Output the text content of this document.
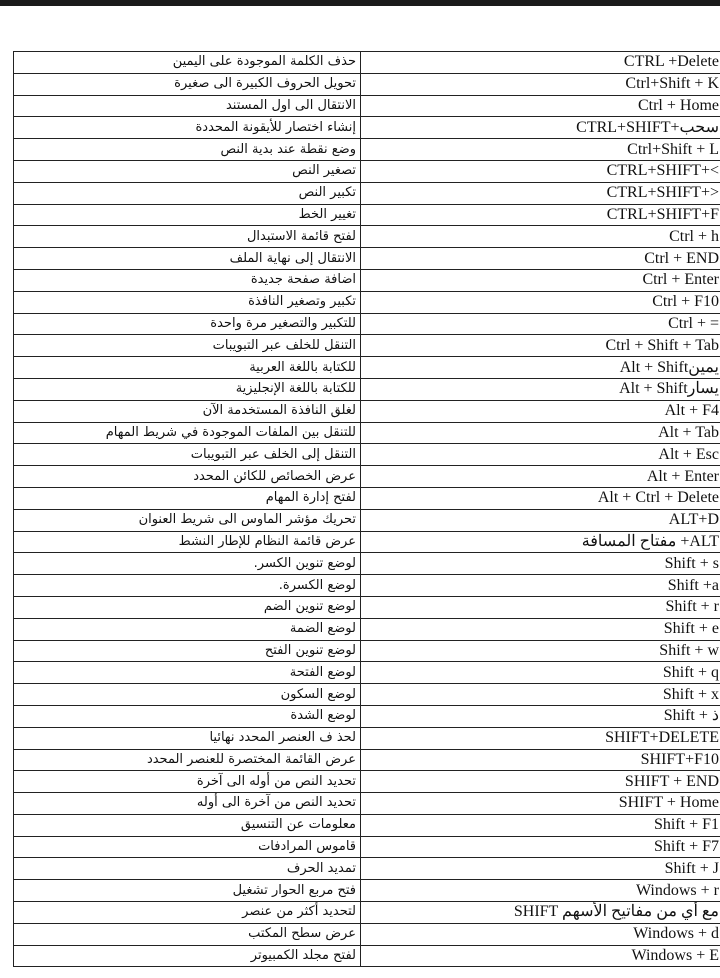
حذف الكلمة الموجودة على اليمين	CTRL +Delete
تحويل الحروف الكبيرة الى صغيرة	Ctrl+Shift + K
الانتقال الى اول المستند	Ctrl + Home
إنشاء اختصار للأيقونة المحددة	CTRL+SHIFT+سحب
وضع نقطة عند بدية النص	Ctrl+Shift + L
تصغير النص	CTRL+SHIFT+<
تكبير النص	CTRL+SHIFT+>
تغيير الخط	CTRL+SHIFT+F
لفتح قائمة الاستبدال	Ctrl + h
الانتقال إلى نهاية الملف	Ctrl + END
اضافة صفحة جديدة	Ctrl + Enter
تكبير وتصغير النافذة	Ctrl + F10
للتكبير والتصغير مرة واحدة	Ctrl + =
التنقل للخلف عبر التبويبات	Ctrl + Shift + Tab
للكتابة باللغة العربية	Alt + Shiftيمين
للكتابة باللغة الإنجليزية	Alt + Shiftيسار
لغلق النافذة المستخدمة الآن	Alt + F4
للتنقل بين الملفات الموجودة في شريط المهام	Alt + Tab
التنقل إلى الخلف عبر التبويبات	Alt + Esc
عرض الخصائص للكائن المحدد	Alt + Enter
لفتح إدارة المهام	Alt + Ctrl + Delete
تحريك مؤشر الماوس الى شريط العنوان	ALT+D
عرض قائمة النظام للإطار النشط	مفتاح المسافة +ALT
لوضع تنوين الكسر.	Shift + s
لوضع الكسرة.	Shift +a
لوضع تنوين الضم	Shift + r
لوضع الضمة	Shift + e
لوضع تنوين الفتح	Shift + w
لوضع الفتحة	Shift + q
لوضع السكون	Shift + x
لوضع الشدة	Shift + ذ
لحذ ف العنصر المحدد نهائيا	SHIFT+DELETE
عرض القائمة المختصرة للعنصر المحدد	SHIFT+F10
تحديد النص من أوله الى آخرة	SHIFT + END
تحديد النص من آخرة الى أوله	SHIFT + Home
معلومات عن التنسيق	Shift + F1
قاموس المرادفات	Shift + F7
تمديد الحرف	Shift + J
فتح مربع الحوار تشغيل	Windows + r
لتحديد أكثر من عنصر	SHIFT مع أي من مفاتيح الأسهم
عرض سطح المكتب	Windows + d
لفتح مجلد الكمبيوتر	Windows + E
